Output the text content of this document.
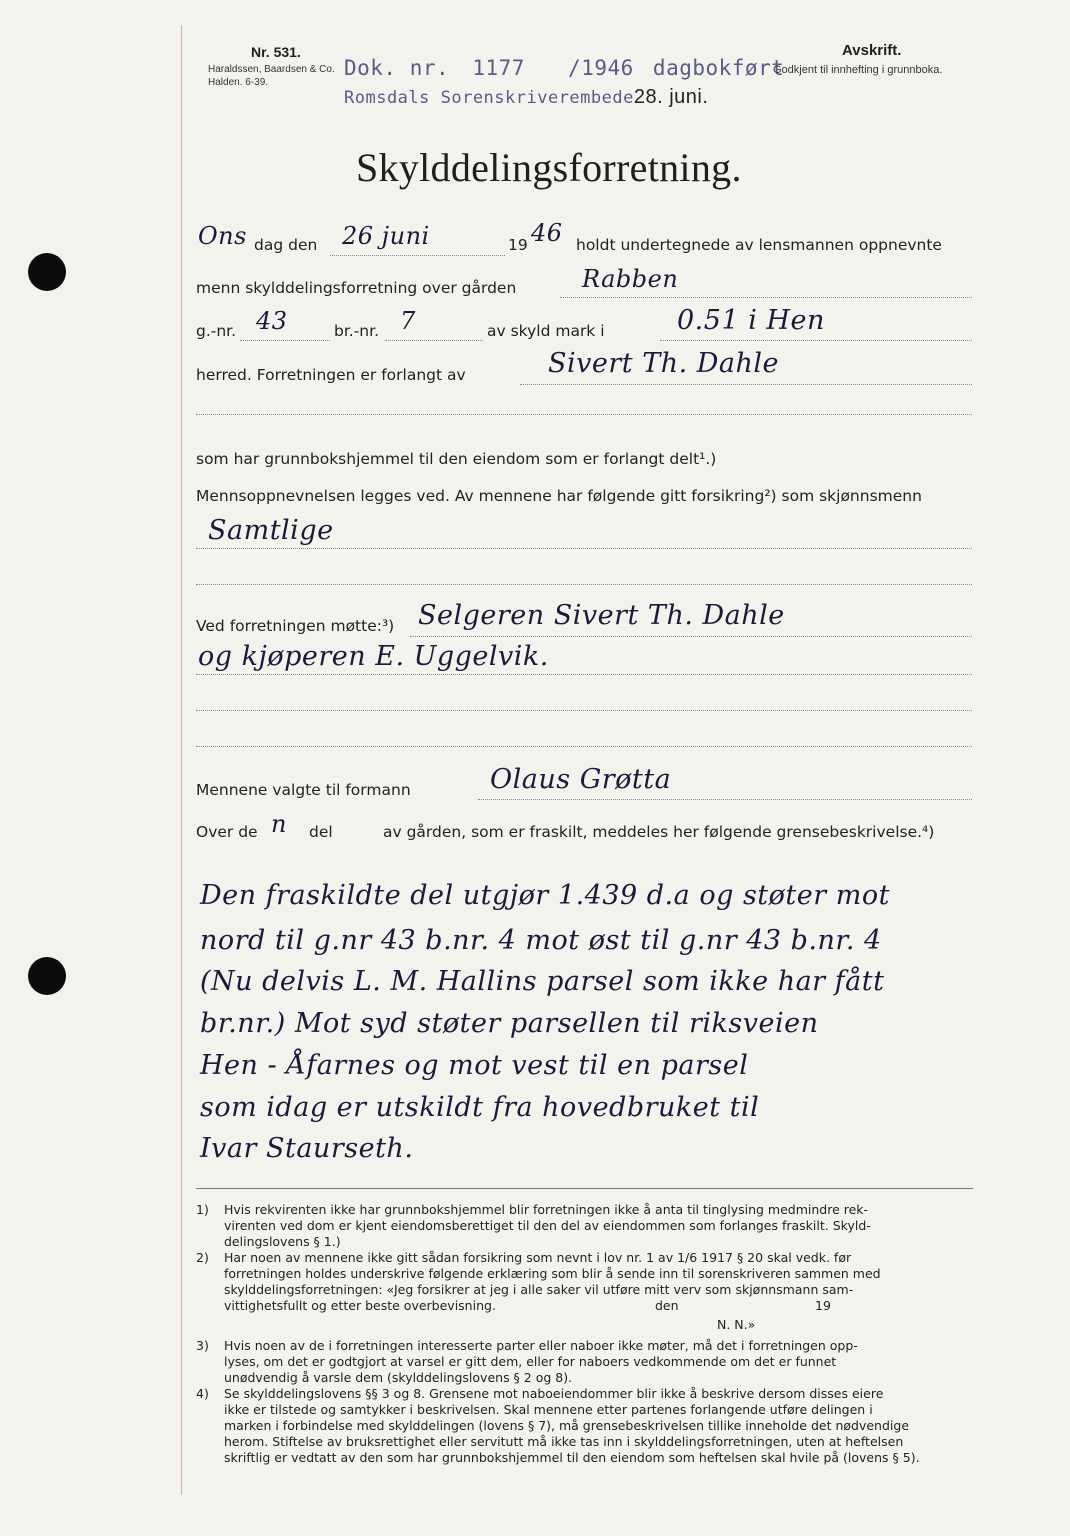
Nr. 531.
Haraldssen, Baardsen & Co.
Halden. 6-39.
Dok. nr. 1177 /1946 dagbokført
Romsdals Sorenskriverembede28. juni.
Avskrift.
Godkjent til innhefting i grunnboka.
Skylddelingsforretning.
Ons dag den 26 juni	19 46 holdt undertegnede av lensmannen oppnevnte
menn skylddelingsforretning over gården	Rabben
g.-nr. 43	br.-nr. 7	av skyld mark i	0.51 i Hen
herred. Forretningen er forlangt av	Sivert Th. Dahle
som har grunnbokshjemmel til den eiendom som er forlangt delt¹.)
Mennsoppnevnelsen legges ved. Av mennene har følgende gitt forsikring²) som skjønnsmenn
Samtlige
Ved forretningen møtte:³) Selgeren Sivert Th. Dahle
og kjøperen E. Uggelvik.
Mennene valgte til formann	Olaus Grøtta
Over de n del	av gården, som er fraskilt, meddeles her følgende grensebeskrivelse.⁴)
Den fraskildte del utgjør 1.439 d.a og støter mot
nord til g.nr 43 b.nr. 4 mot øst til g.nr 43 b.nr. 4
(Nu delvis L. M. Hallins parsel som ikke har fått
br.nr.) Mot syd støter parsellen til riksveien
Hen - Åfarnes og mot vest til en parsel
som idag er utskildt fra hovedbruket til
Ivar Staurseth.
1) Hvis rekvirenten ikke har grunnbokshjemmel blir forretningen ikke å anta til tinglysing medmindre rek-
virenten ved dom er kjent eiendomsberettiget til den del av eiendommen som forlanges fraskilt. Skyld-
delingslovens § 1.)
2) Har noen av mennene ikke gitt sådan forsikring som nevnt i lov nr. 1 av 1/6 1917 § 20 skal vedk. før
forretningen holdes underskrive følgende erklæring som blir å sende inn til sorenskriveren sammen med
skylddelingsforretningen: «Jeg forsikrer at jeg i alle saker vil utføre mitt verv som skjønnsmann sam-
vittighetsfullt og etter beste overbevisning.	den	19
N. N.»
3) Hvis noen av de i forretningen interesserte parter eller naboer ikke møter, må det i forretningen opp-
lyses, om det er godtgjort at varsel er gitt dem, eller for naboers vedkommende om det er funnet
unødvendig å varsle dem (skylddelingslovens § 2 og 8).
4) Se skylddelingslovens §§ 3 og 8. Grensene mot naboeiendommer blir ikke å beskrive dersom disses eiere
ikke er tilstede og samtykker i beskrivelsen. Skal mennene etter partenes forlangende utføre delingen i
marken i forbindelse med skylddelingen (lovens § 7), må grensebeskrivelsen tillike inneholde det nødvendige
herom. Stiftelse av bruksrettighet eller servitutt må ikke tas inn i skylddelingsforretningen, uten at heftelsen
skriftlig er vedtatt av den som har grunnbokshjemmel til den eiendom som heftelsen skal hvile på (lovens § 5).
